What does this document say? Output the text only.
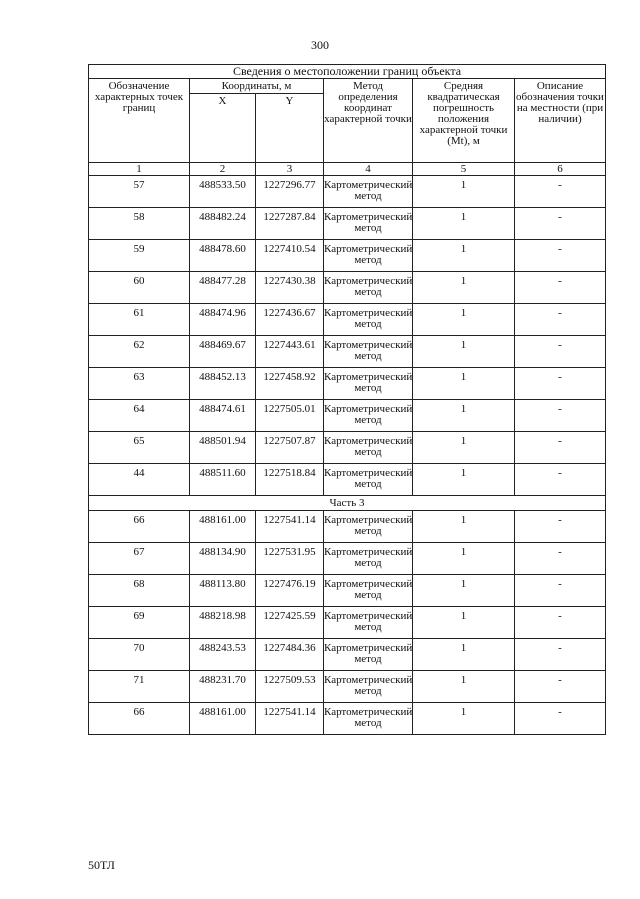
300
Сведения о местоположении границ объекта					
Обозначение характерных точек границ	Координаты, м		Метод определения координат характерной точки	Средняя квадратическая погрешность положения характерной точки (Mt), м	Описание обозначения точки на местности (при наличии)
	X	Y			
1	2	3	4	5	6
57	488533.50	1227296.77	Картометрический метод	1	-
58	488482.24	1227287.84	Картометрический метод	1	-
59	488478.60	1227410.54	Картометрический метод	1	-
60	488477.28	1227430.38	Картометрический метод	1	-
61	488474.96	1227436.67	Картометрический метод	1	-
62	488469.67	1227443.61	Картометрический метод	1	-
63	488452.13	1227458.92	Картометрический метод	1	-
64	488474.61	1227505.01	Картометрический метод	1	-
65	488501.94	1227507.87	Картометрический метод	1	-
44	488511.60	1227518.84	Картометрический метод	1	-
Часть 3					
66	488161.00	1227541.14	Картометрический метод	1	-
67	488134.90	1227531.95	Картометрический метод	1	-
68	488113.80	1227476.19	Картометрический метод	1	-
69	488218.98	1227425.59	Картометрический метод	1	-
70	488243.53	1227484.36	Картометрический метод	1	-
71	488231.70	1227509.53	Картометрический метод	1	-
66	488161.00	1227541.14	Картометрический метод	1	-
50ТЛ
